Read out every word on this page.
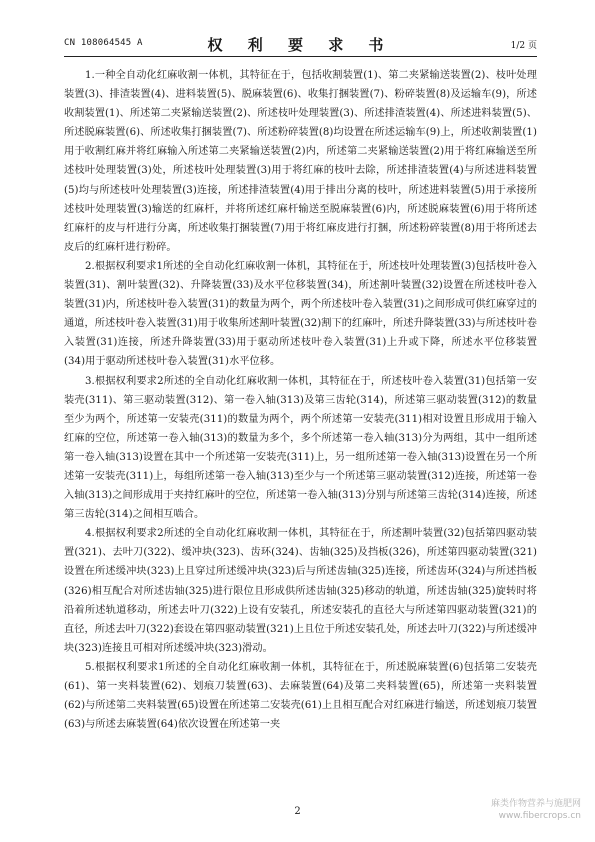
CN 108064545 A	权 利 要 求 书	1/2 页

1.一种全自动化红麻收割一体机，其特征在于，包括收割装置(1)、第二夹紧输送装置(2)、枝叶处理装置(3)、排渣装置(4)、进料装置(5)、脱麻装置(6)、收集打捆装置(7)、粉碎装置(8)及运输车(9)，所述收割装置(1)、所述第二夹紧输送装置(2)、所述枝叶处理装置(3)、所述排渣装置(4)、所述进料装置(5)、所述脱麻装置(6)、所述收集打捆装置(7)、所述粉碎装置(8)均设置在所述运输车(9)上，所述收割装置(1)用于收割红麻并将红麻输入所述第二夹紧输送装置(2)内，所述第二夹紧输送装置(2)用于将红麻输送至所述枝叶处理装置(3)处，所述枝叶处理装置(3)用于将红麻的枝叶去除，所述排渣装置(4)与所述进料装置(5)均与所述枝叶处理装置(3)连接，所述排渣装置(4)用于排出分离的枝叶，所述进料装置(5)用于承接所述枝叶处理装置(3)输送的红麻杆，并将所述红麻杆输送至脱麻装置(6)内，所述脱麻装置(6)用于将所述红麻杆的皮与杆进行分离，所述收集打捆装置(7)用于将红麻皮进行打捆，所述粉碎装置(8)用于将所述去皮后的红麻杆进行粉碎。

2.根据权利要求1所述的全自动化红麻收割一体机，其特征在于，所述枝叶处理装置(3)包括枝叶卷入装置(31)、割叶装置(32)、升降装置(33)及水平位移装置(34)，所述割叶装置(32)设置在所述枝叶卷入装置(31)内，所述枝叶卷入装置(31)的数量为两个，两个所述枝叶卷入装置(31)之间形成可供红麻穿过的通道，所述枝叶卷入装置(31)用于收集所述割叶装置(32)割下的红麻叶，所述升降装置(33)与所述枝叶卷入装置(31)连接，所述升降装置(33)用于驱动所述枝叶卷入装置(31)上升或下降，所述水平位移装置(34)用于驱动所述枝叶卷入装置(31)水平位移。

3.根据权利要求2所述的全自动化红麻收割一体机，其特征在于，所述枝叶卷入装置(31)包括第一安装壳(311)、第三驱动装置(312)、第一卷入轴(313)及第三齿轮(314)，所述第三驱动装置(312)的数量至少为两个，所述第一安装壳(311)的数量为两个，两个所述第一安装壳(311)相对设置且形成用于输入红麻的空位，所述第一卷入轴(313)的数量为多个，多个所述第一卷入轴(313)分为两组，其中一组所述第一卷入轴(313)设置在其中一个所述第一安装壳(311)上，另一组所述第一卷入轴(313)设置在另一个所述第一安装壳(311)上，每组所述第一卷入轴(313)至少与一个所述第三驱动装置(312)连接，所述第一卷入轴(313)之间形成用于夹持红麻叶的空位，所述第一卷入轴(313)分别与所述第三齿轮(314)连接，所述第三齿轮(314)之间相互啮合。

4.根据权利要求2所述的全自动化红麻收割一体机，其特征在于，所述割叶装置(32)包括第四驱动装置(321)、去叶刀(322)、缓冲块(323)、齿环(324)、齿轴(325)及挡板(326)，所述第四驱动装置(321)设置在所述缓冲块(323)上且穿过所述缓冲块(323)后与所述齿轴(325)连接，所述齿环(324)与所述挡板(326)相互配合对所述齿轴(325)进行限位且形成供所述齿轴(325)移动的轨道，所述齿轴(325)旋转时将沿着所述轨道移动，所述去叶刀(322)上设有安装孔，所述安装孔的直径大与所述第四驱动装置(321)的直径，所述去叶刀(322)套设在第四驱动装置(321)上且位于所述安装孔处，所述去叶刀(322)与所述缓冲块(323)连接且可相对所述缓冲块(323)滑动。

5.根据权利要求1所述的全自动化红麻收割一体机，其特征在于，所述脱麻装置(6)包括第二安装壳(61)、第一夹料装置(62)、划痕刀装置(63)、去麻装置(64)及第二夹料装置(65)，所述第一夹料装置(62)与所述第二夹料装置(65)设置在所述第二安装壳(61)上且相互配合对红麻进行输送，所述划痕刀装置(63)与所述去麻装置(64)依次设置在所述第一夹

2
麻类作物营养与施肥网
www.fibercrops.cn
